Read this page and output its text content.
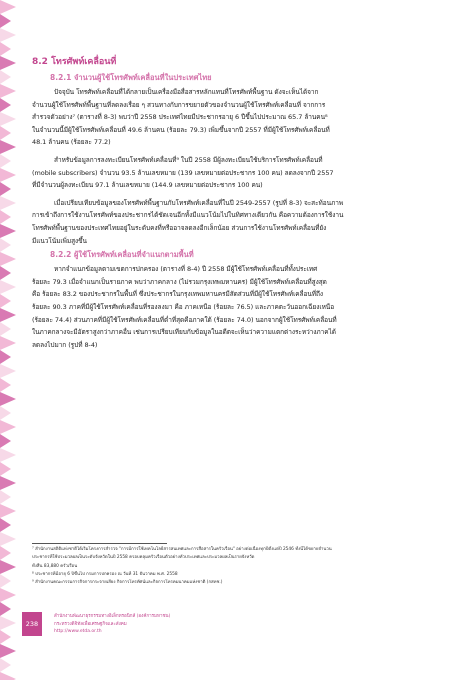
8.2 โทรศัพท์เคลื่อนที่
8.2.1 จำนวนผู้ใช้โทรศัพท์เคลื่อนที่ในประเทศไทย

ปัจจุบัน โทรศัพท์เคลื่อนที่ได้กลายเป็นเครื่องมือสื่อสารหลักแทนที่โทรศัพท์พื้นฐาน ดังจะเห็นได้จาก
จำนวนผู้ใช้โทรศัพท์พื้นฐานที่ลดลงเรื่อย ๆ สวนทางกับการขยายตัวของจำนวนผู้ใช้โทรศัพท์เคลื่อนที่ จากการ
สำรวจตัวอย่าง⁷ (ตารางที่ 8-3) พบว่าปี 2558 ประเทศไทยมีประชากรอายุ 6 ปีขึ้นไปประมาณ 65.7 ล้านคน⁸
ในจำนวนนี้มีผู้ใช้โทรศัพท์เคลื่อนที่ 49.6 ล้านคน (ร้อยละ 79.3) เพิ่มขึ้นจากปี 2557 ที่มีผู้ใช้โทรศัพท์เคลื่อนที่
48.1 ล้านคน (ร้อยละ 77.2)

สำหรับข้อมูลการลงทะเบียนโทรศัพท์เคลื่อนที่⁹ ในปี 2558 มีผู้ลงทะเบียนใช้บริการโทรศัพท์เคลื่อนที่
(mobile subscribers) จำนวน 93.5 ล้านเลขหมาย (139 เลขหมายต่อประชากร 100 คน) ลดลงจากปี 2557
ที่มีจำนวนผู้ลงทะเบียน 97.1 ล้านเลขหมาย (144.9 เลขหมายต่อประชากร 100 คน)

เมื่อเปรียบเทียบข้อมูลของโทรศัพท์พื้นฐานกับโทรศัพท์เคลื่อนที่ในปี 2549-2557 (รูปที่ 8-3) จะสะท้อนภาพ
การเข้าถึงการใช้งานโทรศัพท์ของประชากรได้ชัดเจนอีกทั้งมีแนวโน้มไปในทิศทางเดียวกัน คือความต้องการใช้งาน
โทรศัพท์พื้นฐานของประเทศไทยอยู่ในระดับคงที่หรืออาจลดลงอีกเล็กน้อย ส่วนการใช้งานโทรศัพท์เคลื่อนที่ยัง
มีแนวโน้มเพิ่มสูงขึ้น

8.2.2 ผู้ใช้โทรศัพท์เคลื่อนที่จำแนกตามพื้นที่

หากจำแนกข้อมูลตามเขตการปกครอง (ตารางที่ 8-4) ปี 2558 มีผู้ใช้โทรศัพท์เคลื่อนที่ทั้งประเทศ
ร้อยละ 79.3 เมื่อจำแนกเป็นรายภาค พบว่าภาคกลาง (ไม่รวมกรุงเทพมหานคร) มีผู้ใช้โทรศัพท์เคลื่อนที่สูงสุด
คือ ร้อยละ 83.2 ของประชากรในพื้นที่ ซึ่งประชากรในกรุงเทพมหานครมีสัดส่วนที่มีผู้ใช้โทรศัพท์เคลื่อนที่ถึง
ร้อยละ 90.3 ภาคที่มีผู้ใช้โทรศัพท์เคลื่อนที่รองลงมา คือ ภาคเหนือ (ร้อยละ 76.5) และภาคตะวันออกเฉียงเหนือ
(ร้อยละ 74.4) ส่วนภาคที่มีผู้ใช้โทรศัพท์เคลื่อนที่ต่ำที่สุดคือภาคใต้ (ร้อยละ 74.0) นอกจากผู้ใช้โทรศัพท์เคลื่อนที่
ในภาคกลางจะมีอัตราสูงกว่าภาคอื่น เช่นการเปรียบเทียบกับข้อมูลในอดีตจะเห็นว่าความแตกต่างระหว่างภาคได้
ลดลงไปมาก (รูปที่ 8-4)

⁷ สำนักงานสถิติแห่งชาติได้เริ่มโครงการสำรวจ "การมีการใช้เทคโนโลยีสารสนเทศและการสื่อสารในครัวเรือน" อย่างต่อเนื่องทุกปีตั้งแต่ปี 2546 ทั้งนี้ได้ขยายจำนวน
ประชากรที่ใช้ประมวลผลเป็นระดับจังหวัดในปี 2558 ครอบคลุมครัวเรือนตัวอย่างทั่วประเทศและประมวลผลเป็นรายจังหวัด
ทั้งสิ้น 83,880 ครัวเรือน
⁸ ประชากรที่มีอายุ 6 ปีขึ้นไป กรมการปกครอง ณ วันที่ 31 ธันวาคม พ.ศ. 2558
⁹ สำนักงานคณะกรรมการกิจการกระจายเสียง กิจการโทรทัศน์และกิจการโทรคมนาคมแห่งชาติ (กสทช.)
238
สำนักงานพัฒนาธุรกรรมทางอิเล็กทรอนิกส์ (องค์การมหาชน)
กระทรวงดิจิทัลเพื่อเศรษฐกิจและสังคม
http://www.etda.or.th
